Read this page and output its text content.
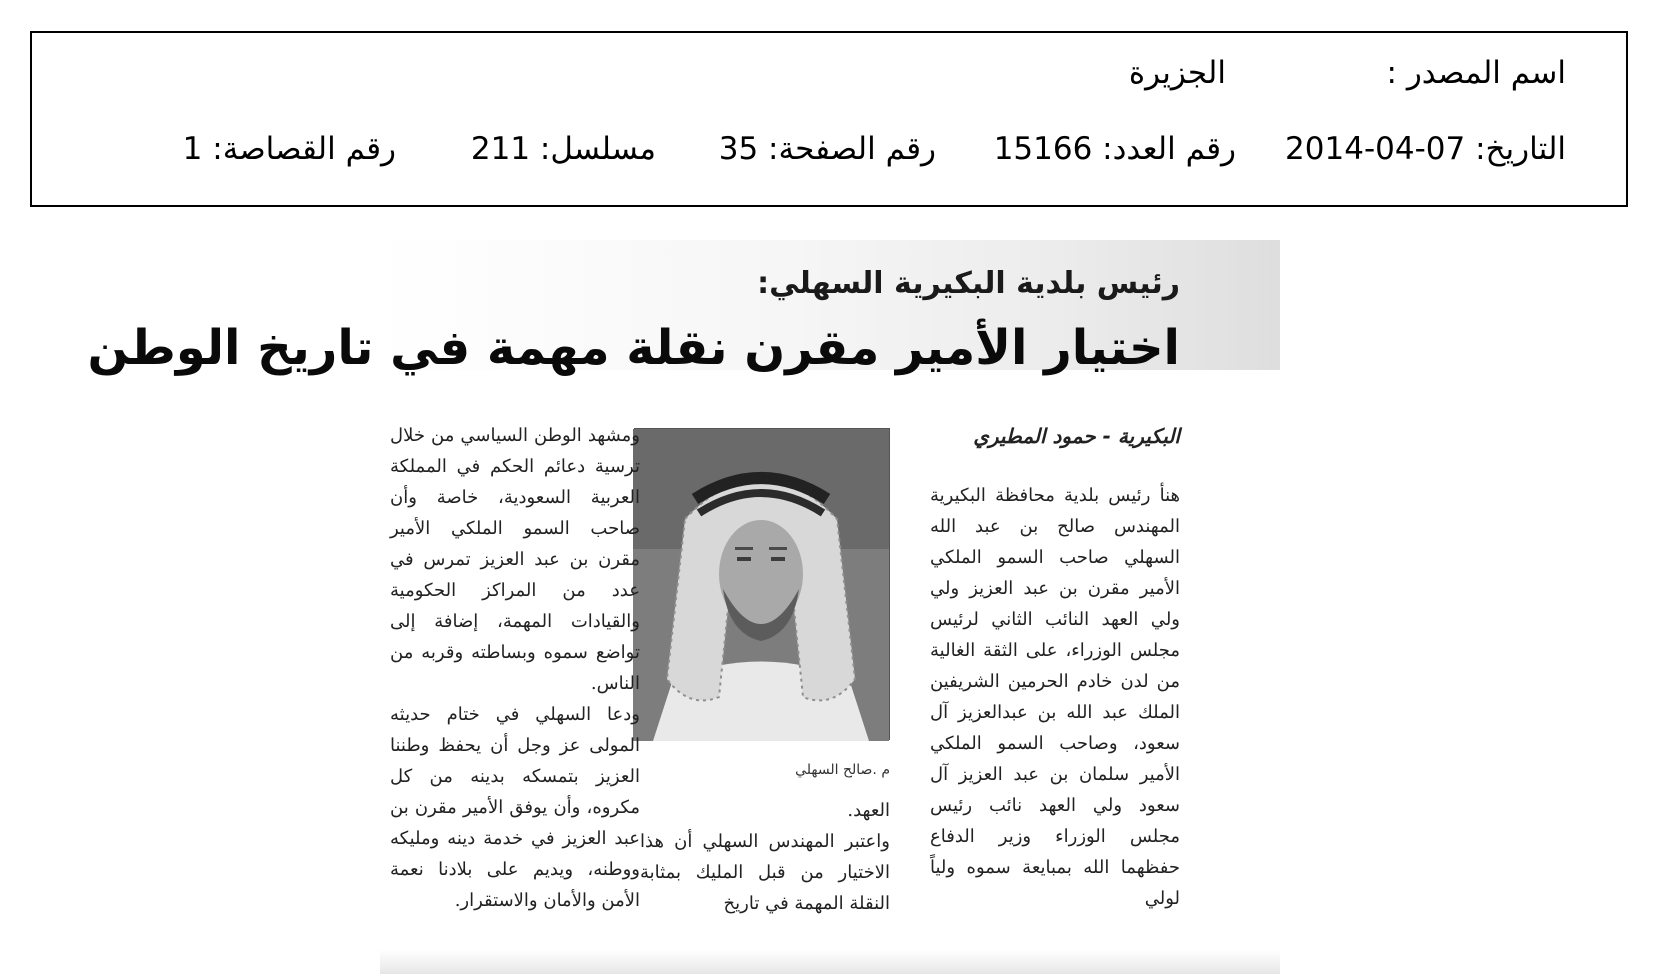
اسم المصدر :
الجزيرة
التاريخ: 07-04-2014
رقم العدد: 15166
رقم الصفحة: 35
مسلسل: 211
رقم القصاصة: 1
رئيس بلدية البكيرية السهلي:
اختيار الأمير مقرن نقلة مهمة في تاريخ الوطن
البكيرية - حمود المطيري

هنأ رئيس بلدية محافظة البكيرية المهندس صالح بن عبد الله السهلي صاحب السمو الملكي الأمير مقرن بن عبد العزيز ولي ولي العهد النائب الثاني لرئيس مجلس الوزراء، على الثقة الغالية من لدن خادم الحرمين الشريفين الملك عبد الله بن عبدالعزيز آل سعود، وصاحب السمو الملكي الأمير سلمان بن عبد العزيز آل سعود ولي العهد نائب رئيس مجلس الوزراء وزير الدفاع حفظهما الله بمبايعة سموه ولياً لولي

م .صالح السهلي

العهد.

واعتبر المهندس السهلي أن هذا الاختيار من قبل المليك بمثابة النقلة المهمة في تاريخ

ومشهد الوطن السياسي من خلال ترسية دعائم الحكم في المملكة العربية السعودية، خاصة وأن صاحب السمو الملكي الأمير مقرن بن عبد العزيز تمرس في عدد من المراكز الحكومية والقيادات المهمة، إضافة إلى تواضع سموه وبساطته وقربه من الناس.

ودعا السهلي في ختام حديثه المولى عز وجل أن يحفظ وطننا العزيز بتمسكه بدينه من كل مكروه، وأن يوفق الأمير مقرن بن عبد العزيز في خدمة دينه ومليكه ووطنه، ويديم على بلادنا نعمة الأمن والأمان والاستقرار.
